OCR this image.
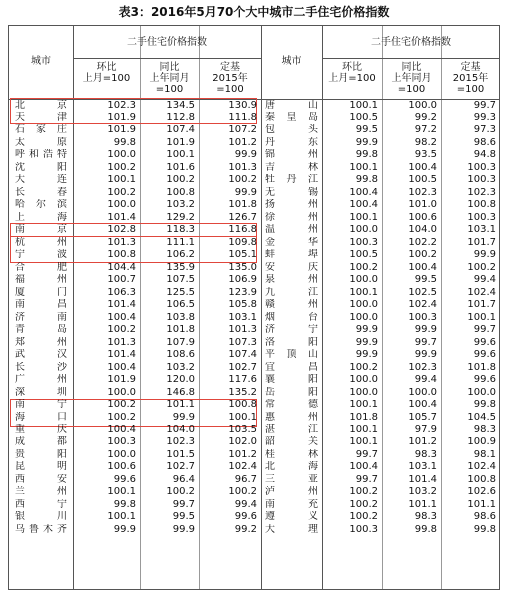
表3：2016年5月70个大中城市二手住宅价格指数
城市
二手住宅价格指数
环比
上月=100
同比
上年同月=100
定基
2015年=100
城市
二手住宅价格指数
环比
上月=100
同比
上年同月=100
定基
2015年=100
北京	102.3	134.5	130.9
天津	101.9	112.8	111.8
石家庄	101.9	107.4	107.2
太原	99.8	101.9	101.2
呼和浩特	100.0	100.1	99.9
沈阳	100.2	101.6	101.3
大连	100.1	100.2	100.2
长春	100.2	100.8	99.9
哈尔滨	100.0	103.2	101.8
上海	101.4	129.2	126.7
南京	102.8	118.3	116.8
杭州	101.3	111.1	109.8
宁波	100.8	106.2	105.1
合肥	104.4	135.9	135.0
福州	100.7	107.5	106.9
厦门	106.3	125.5	123.9
南昌	101.4	106.5	105.8
济南	100.4	103.8	103.1
青岛	100.2	101.8	101.3
郑州	101.3	107.9	107.3
武汉	101.4	108.6	107.4
长沙	100.4	103.2	102.7
广州	101.9	120.0	117.6
深圳	100.0	146.8	135.2
南宁	100.2	101.1	100.8
海口	100.2	99.9	100.1
重庆	100.4	104.0	103.5
成都	100.3	102.3	102.0
贵阳	100.0	101.5	101.2
昆明	100.6	102.7	102.4
西安	99.6	96.4	96.7
兰州	100.1	100.2	100.2
西宁	99.8	99.7	99.4
银川	100.1	99.5	99.6
乌鲁木齐	99.9	99.9	99.2
唐山	100.1	100.0	99.7
秦皇岛	100.5	99.2	99.3
包头	99.5	97.2	97.3
丹东	99.9	98.2	98.6
锦州	99.8	93.5	94.8
吉林	100.1	100.4	100.3
牡丹江	99.8	100.5	100.3
无锡	100.4	102.3	102.3
扬州	100.4	101.0	100.8
徐州	100.1	100.6	100.3
温州	100.0	104.0	103.1
金华	100.3	102.2	101.7
蚌埠	100.5	100.2	99.9
安庆	100.2	100.4	100.2
泉州	100.0	99.5	99.4
九江	100.1	102.5	102.4
赣州	100.0	102.4	101.7
烟台	100.0	100.3	100.1
济宁	99.9	99.9	99.7
洛阳	99.9	99.7	99.6
平顶山	99.9	99.9	99.6
宜昌	100.2	102.3	101.8
襄阳	100.0	99.4	99.6
岳阳	100.0	100.0	100.0
常德	100.1	100.4	99.8
惠州	101.8	105.7	104.5
湛江	100.1	97.9	98.3
韶关	100.1	101.2	100.9
桂林	99.7	98.3	98.1
北海	100.4	103.1	102.4
三亚	99.7	101.4	100.8
泸州	100.2	103.2	102.6
南充	100.2	101.1	101.1
遵义	100.2	98.3	98.6
大理	100.3	99.8	99.8
